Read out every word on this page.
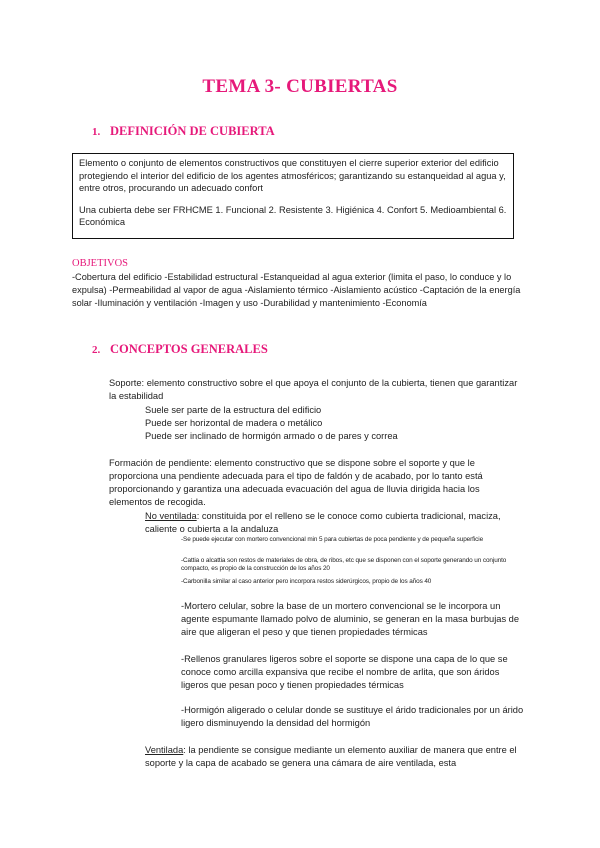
TEMA 3- CUBIERTAS
1. DEFINICIÓN DE CUBIERTA

Elemento o conjunto de elementos constructivos que constituyen el cierre superior exterior del edificio protegiendo el interior del edificio de los agentes atmosféricos; garantizando su estanqueidad al agua y, entre otros, procurando un adecuado confort

Una cubierta debe ser FRHCME 1. Funcional 2. Resistente 3. Higiénica 4. Confort 5. Medioambiental 6. Económica

OBJETIVOS
-Cobertura del edificio -Estabilidad estructural -Estanqueidad al agua exterior (limita el paso, lo conduce y lo expulsa) -Permeabilidad al vapor de agua -Aislamiento térmico -Aislamiento acústico -Captación de la energía solar -Iluminación y ventilación -Imagen y uso -Durabilidad y mantenimiento -Economía
2. CONCEPTOS GENERALES
Soporte: elemento constructivo sobre el que apoya el conjunto de la cubierta, tienen que garantizar la estabilidad
Suele ser parte de la estructura del edificio
Puede ser horizontal de madera o metálico
Puede ser inclinado de hormigón armado o de pares y correa
Formación de pendiente: elemento constructivo que se dispone sobre el soporte y que le proporciona una pendiente adecuada para el tipo de faldón y de acabado, por lo tanto está proporcionando y garantiza una adecuada evacuación del agua de lluvia dirigida hacia los elementos de recogida.
No ventilada: constituida por el relleno se le conoce como cubierta tradicional, maciza, caliente o cubierta a la andaluza
-Se puede ejecutar con mortero convencional min 5 para cubiertas de poca pendiente y de pequeña superficie
-Cattia o alcattia son restos de materiales de obra, de ribos, etc que se disponen con el soporte generando un conjunto compacto, es propio de la construcción de los años 20
-Carbonilla similar al caso anterior pero incorpora restos siderúrgicos, propio de los años 40
-Mortero celular, sobre la base de un mortero convencional se le incorpora un agente espumante llamado polvo de aluminio, se generan en la masa burbujas de aire que aligeran el peso y que tienen propiedades térmicas
-Rellenos granulares ligeros sobre el soporte se dispone una capa de lo que se conoce como arcilla expansiva que recibe el nombre de arlita, que son áridos ligeros que pesan poco y tienen propiedades térmicas
-Hormigón aligerado o celular donde se sustituye el árido tradicionales por un árido ligero disminuyendo la densidad del hormigón
Ventilada: la pendiente se consigue mediante un elemento auxiliar de manera que entre el soporte y la capa de acabado se genera una cámara de aire ventilada, esta
